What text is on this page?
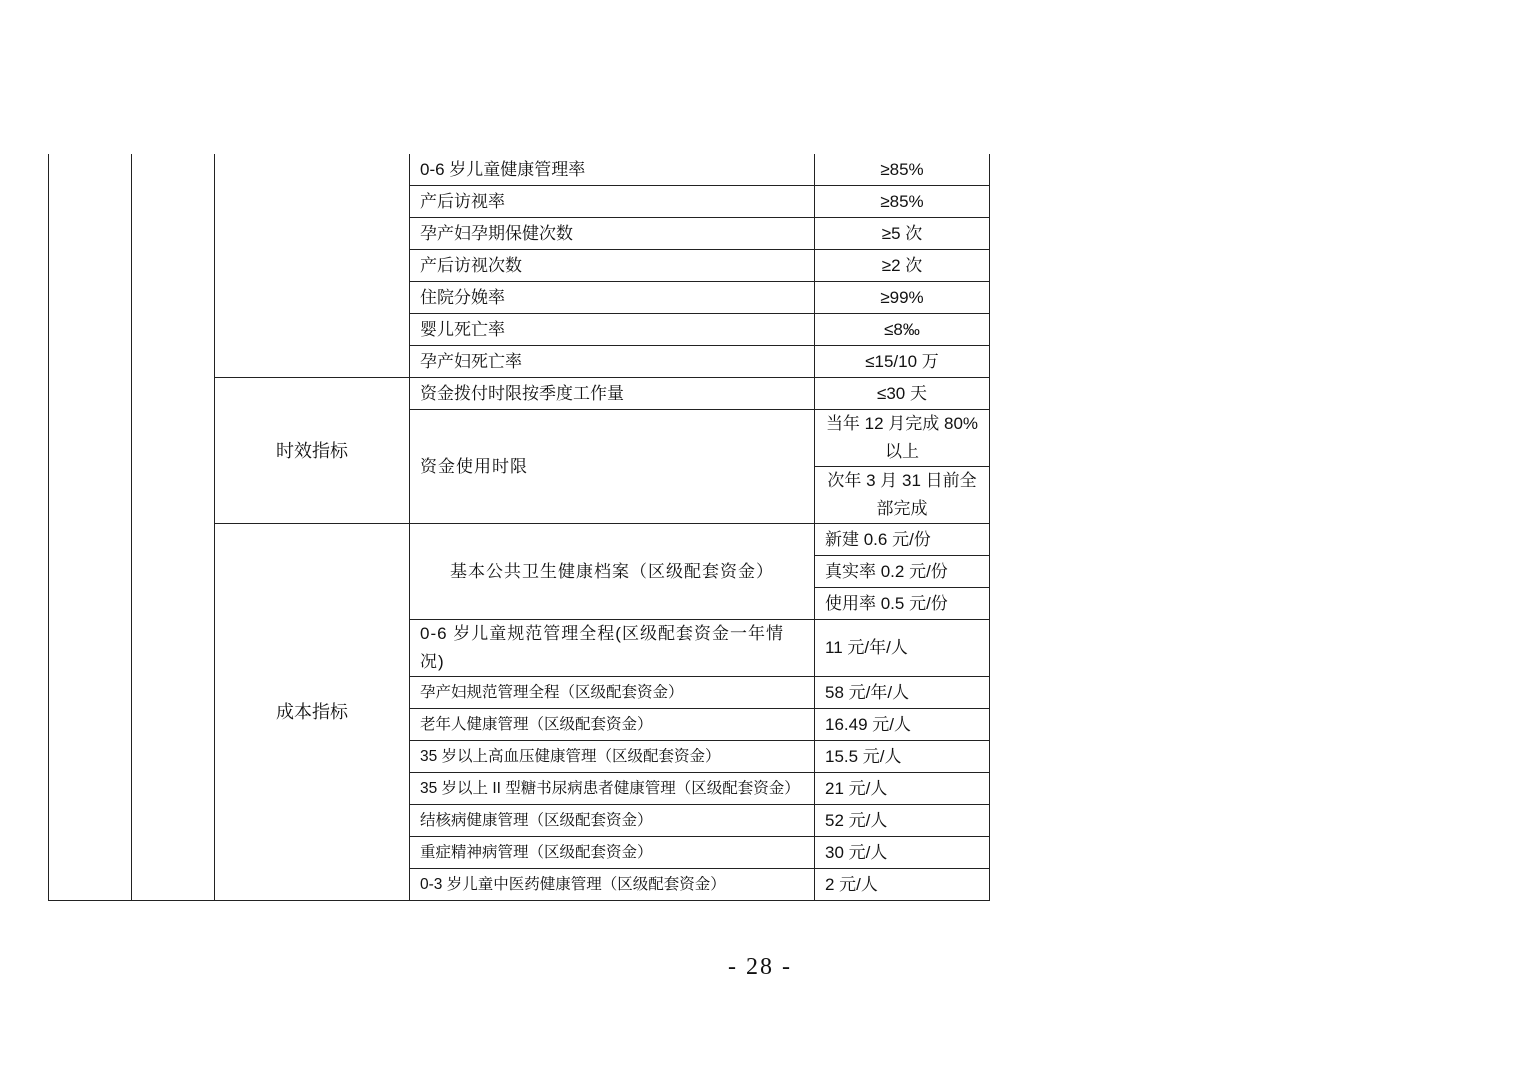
			0-6 岁儿童健康管理率	≥85%
			产后访视率	≥85%
			孕产妇孕期保健次数	≥5 次
			产后访视次数	≥2 次
			住院分娩率	≥99%
			婴儿死亡率	≤8‰
			孕产妇死亡率	≤15/10 万
		时效指标	资金拨付时限按季度工作量	≤30 天
			资金使用时限	当年 12 月完成 80%以上
				次年 3 月 31 日前全部完成
		成本指标	基本公共卫生健康档案（区级配套资金）	新建 0.6 元/份
				真实率 0.2 元/份
				使用率 0.5 元/份
			0-6 岁儿童规范管理全程(区级配套资金一年情况)	11 元/年/人
			孕产妇规范管理全程（区级配套资金）	58 元/年/人
			老年人健康管理（区级配套资金）	16.49 元/人
			35 岁以上高血压健康管理（区级配套资金）	15.5 元/人
			35 岁以上 II 型糖书尿病患者健康管理（区级配套资金）	21 元/人
			结核病健康管理（区级配套资金）	52 元/人
			重症精神病管理（区级配套资金）	30 元/人
			0-3 岁儿童中医药健康管理（区级配套资金）	2 元/人
- 28 -
